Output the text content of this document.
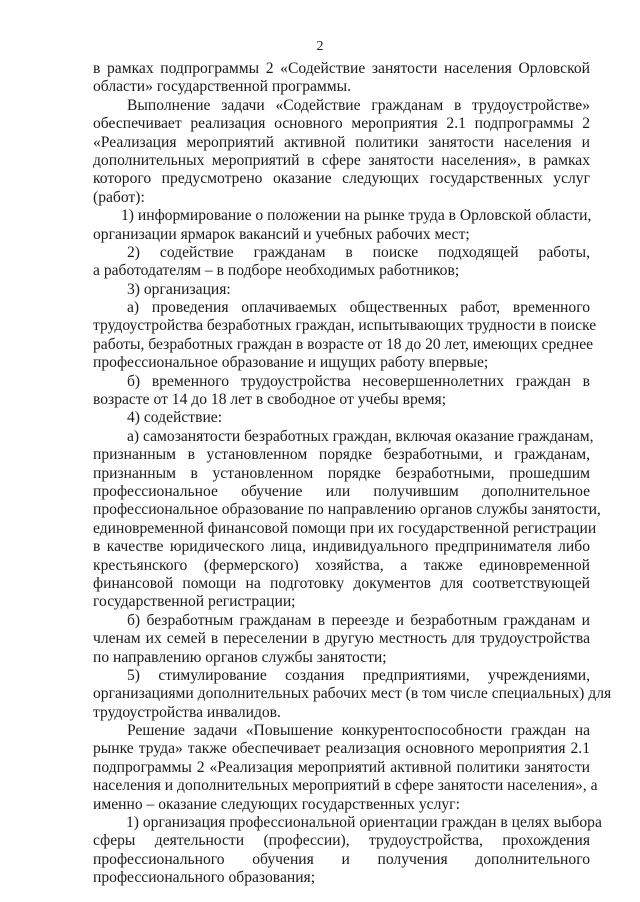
2
в рамках подпрограммы 2 «Содействие занятости населения Орловской
области» государственной программы.
Выполнение задачи «Содействие гражданам в трудоустройстве»
обеспечивает реализация основного мероприятия 2.1 подпрограммы 2
«Реализация мероприятий активной политики занятости населения и
дополнительных мероприятий в сфере занятости населения», в рамках
которого предусмотрено оказание следующих государственных услуг
(работ):
1) информирование о положении на рынке труда в Орловской области,
организации ярмарок вакансий и учебных рабочих мест;
2) содействие гражданам в поиске подходящей работы,
а работодателям – в подборе необходимых работников;
3) организация:
а) проведения оплачиваемых общественных работ, временного
трудоустройства безработных граждан, испытывающих трудности в поиске
работы, безработных граждан в возрасте от 18 до 20 лет, имеющих среднее
профессиональное образование и ищущих работу впервые;
б) временного трудоустройства несовершеннолетних граждан в
возрасте от 14 до 18 лет в свободное от учебы время;
4) содействие:
а) самозанятости безработных граждан, включая оказание гражданам,
признанным в установленном порядке безработными, и гражданам,
признанным в установленном порядке безработными, прошедшим
профессиональное обучение или получившим дополнительное
профессиональное образование по направлению органов службы занятости,
единовременной финансовой помощи при их государственной регистрации
в качестве юридического лица, индивидуального предпринимателя либо
крестьянского (фермерского) хозяйства, а также единовременной
финансовой помощи на подготовку документов для соответствующей
государственной регистрации;
б) безработным гражданам в переезде и безработным гражданам и
членам их семей в переселении в другую местность для трудоустройства
по направлению органов службы занятости;
5) стимулирование создания предприятиями, учреждениями,
организациями дополнительных рабочих мест (в том числе специальных) для
трудоустройства инвалидов.
Решение задачи «Повышение конкурентоспособности граждан на
рынке труда» также обеспечивает реализация основного мероприятия 2.1
подпрограммы 2 «Реализация мероприятий активной политики занятости
населения и дополнительных мероприятий в сфере занятости населения», а
именно – оказание следующих государственных услуг:
1) организация профессиональной ориентации граждан в целях выбора
сферы деятельности (профессии), трудоустройства, прохождения
профессионального обучения и получения дополнительного
профессионального образования;
